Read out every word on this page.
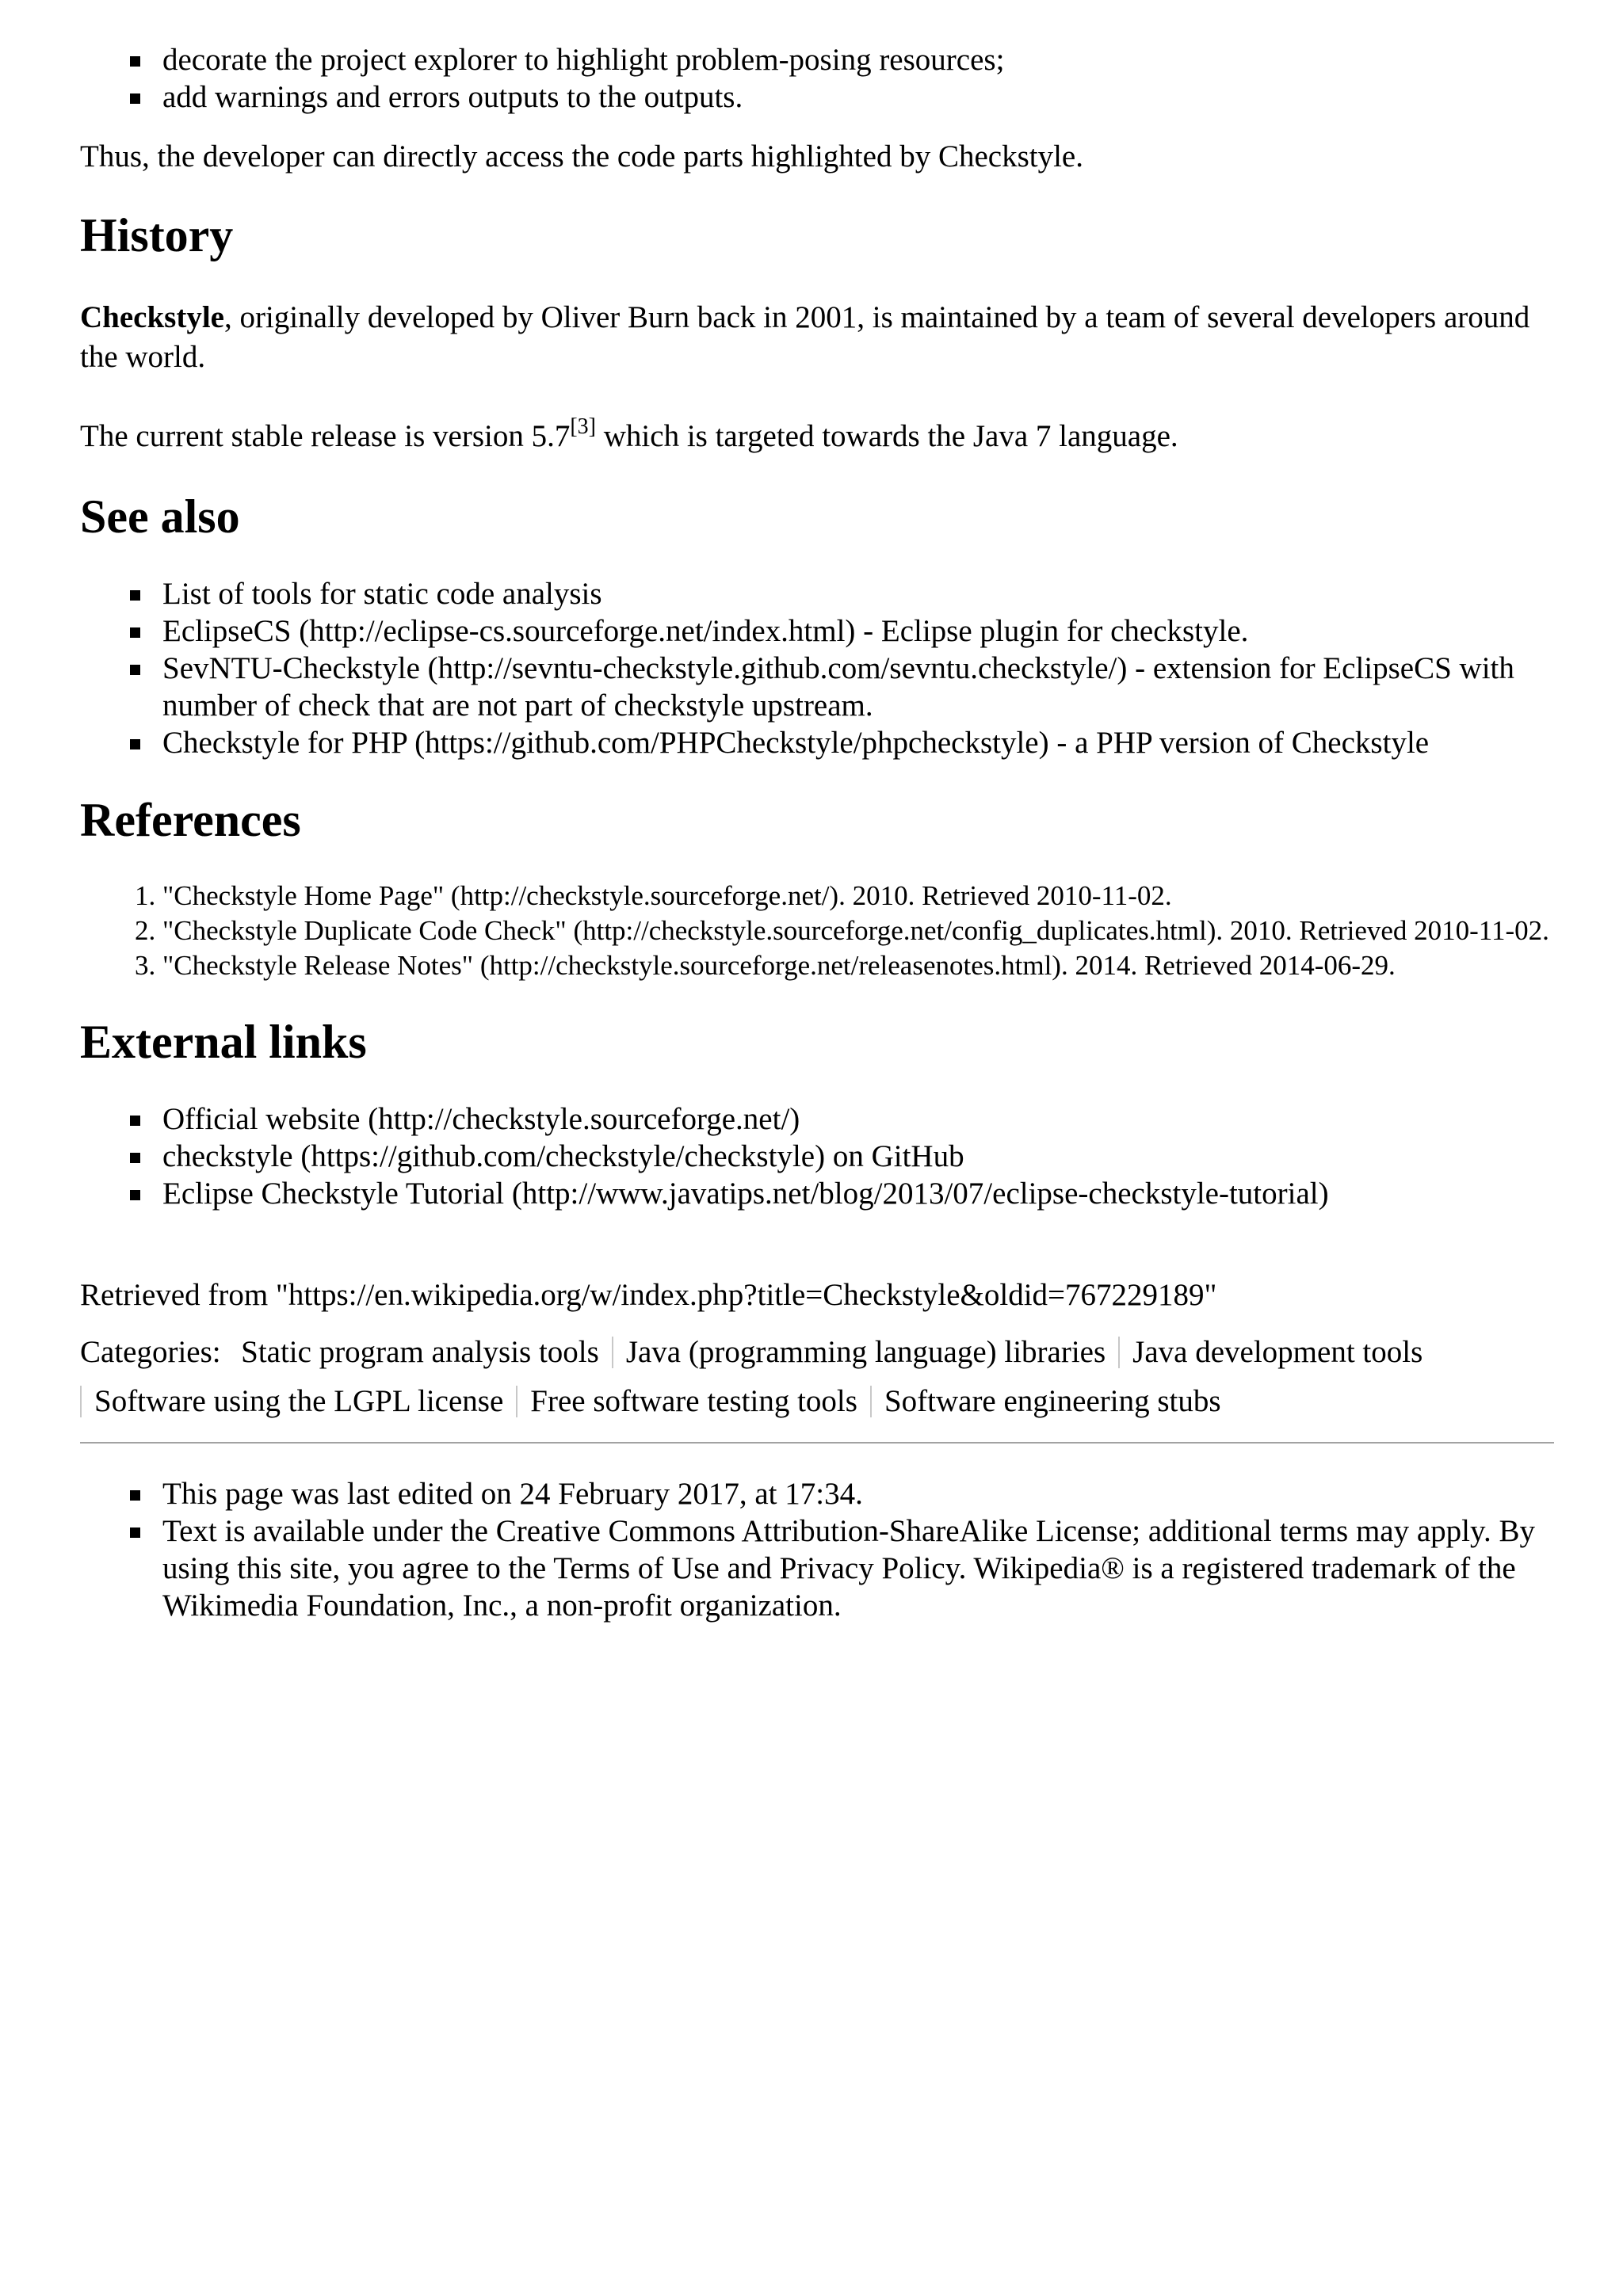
decorate the project explorer to highlight problem-posing resources;
add warnings and errors outputs to the outputs.

Thus, the developer can directly access the code parts highlighted by Checkstyle.

History

Checkstyle, originally developed by Oliver Burn back in 2001, is maintained by a team of several developers around the world.

The current stable release is version 5.7[3] which is targeted towards the Java 7 language.

See also
List of tools for static code analysis
EclipseCS (http://eclipse-cs.sourceforge.net/index.html) - Eclipse plugin for checkstyle.
SevNTU-Checkstyle (http://sevntu-checkstyle.github.com/sevntu.checkstyle/) - extension for EclipseCS with number of check that are not part of checkstyle upstream.
Checkstyle for PHP (https://github.com/PHPCheckstyle/phpcheckstyle) - a PHP version of Checkstyle
References
1. "Checkstyle Home Page" (http://checkstyle.sourceforge.net/). 2010. Retrieved 2010-11-02.
2. "Checkstyle Duplicate Code Check" (http://checkstyle.sourceforge.net/config_duplicates.html). 2010. Retrieved 2010-11-02.
3. "Checkstyle Release Notes" (http://checkstyle.sourceforge.net/releasenotes.html). 2014. Retrieved 2014-06-29.
External links
Official website (http://checkstyle.sourceforge.net/)
checkstyle (https://github.com/checkstyle/checkstyle) on GitHub
Eclipse Checkstyle Tutorial (http://www.javatips.net/blog/2013/07/eclipse-checkstyle-tutorial)

Retrieved from "https://en.wikipedia.org/w/index.php?title=Checkstyle&oldid=767229189"

Categories: Static program analysis tools Java (programming language) libraries Java development tools
Software using the LGPL license Free software testing tools Software engineering stubs
This page was last edited on 24 February 2017, at 17:34.
Text is available under the Creative Commons Attribution-ShareAlike License; additional terms may apply. By using this site, you agree to the Terms of Use and Privacy Policy. Wikipedia® is a registered trademark of the Wikimedia Foundation, Inc., a non-profit organization.
